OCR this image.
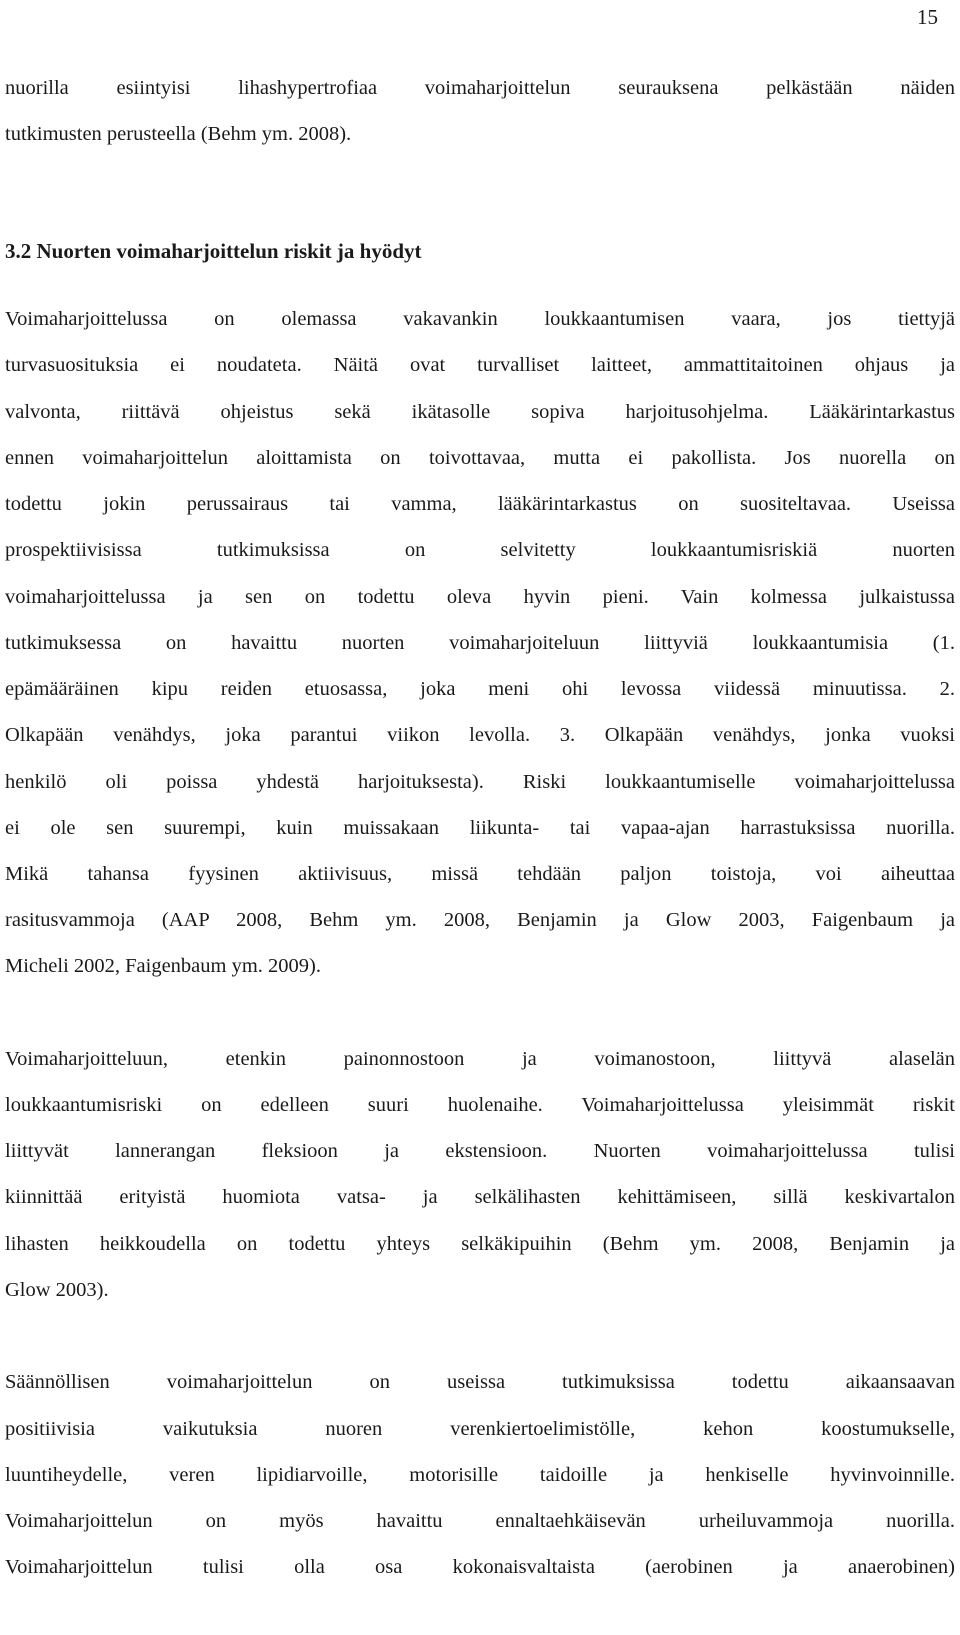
15
nuorilla esiintyisi lihashypertrofiaa voimaharjoittelun seurauksena pelkästään näiden
tutkimusten perusteella (Behm ym. 2008).
3.2 Nuorten voimaharjoittelun riskit ja hyödyt
Voimaharjoittelussa on olemassa vakavankin loukkaantumisen vaara, jos tiettyjä
turvasuosituksia ei noudateta. Näitä ovat turvalliset laitteet, ammattitaitoinen ohjaus ja
valvonta, riittävä ohjeistus sekä ikätasolle sopiva harjoitusohjelma. Lääkärintarkastus
ennen voimaharjoittelun aloittamista on toivottavaa, mutta ei pakollista. Jos nuorella on
todettu jokin perussairaus tai vamma, lääkärintarkastus on suositeltavaa. Useissa
prospektiivisissa tutkimuksissa on selvitetty loukkaantumisriskiä nuorten
voimaharjoittelussa ja sen on todettu oleva hyvin pieni. Vain kolmessa julkaistussa
tutkimuksessa on havaittu nuorten voimaharjoiteluun liittyviä loukkaantumisia (1.
epämääräinen kipu reiden etuosassa, joka meni ohi levossa viidessä minuutissa. 2.
Olkapään venähdys, joka parantui viikon levolla. 3. Olkapään venähdys, jonka vuoksi
henkilö oli poissa yhdestä harjoituksesta). Riski loukkaantumiselle voimaharjoittelussa
ei ole sen suurempi, kuin muissakaan liikunta- tai vapaa-ajan harrastuksissa nuorilla.
Mikä tahansa fyysinen aktiivisuus, missä tehdään paljon toistoja, voi aiheuttaa
rasitusvammoja (AAP 2008, Behm ym. 2008, Benjamin ja Glow 2003, Faigenbaum ja
Micheli 2002, Faigenbaum ym. 2009).
Voimaharjoitteluun, etenkin painonnostoon ja voimanostoon, liittyvä alaselän
loukkaantumisriski on edelleen suuri huolenaihe. Voimaharjoittelussa yleisimmät riskit
liittyvät lannerangan fleksioon ja ekstensioon. Nuorten voimaharjoittelussa tulisi
kiinnittää erityistä huomiota vatsa- ja selkälihasten kehittämiseen, sillä keskivartalon
lihasten heikkoudella on todettu yhteys selkäkipuihin (Behm ym. 2008, Benjamin ja
Glow 2003).
Säännöllisen voimaharjoittelun on useissa tutkimuksissa todettu aikaansaavan
positiivisia vaikutuksia nuoren verenkiertoelimistölle, kehon koostumukselle,
luuntiheydelle, veren lipidiarvoille, motorisille taidoille ja henkiselle hyvinvoinnille.
Voimaharjoittelun on myös havaittu ennaltaehkäisevän urheiluvammoja nuorilla.
Voimaharjoittelun tulisi olla osa kokonaisvaltaista (aerobinen ja anaerobinen)
